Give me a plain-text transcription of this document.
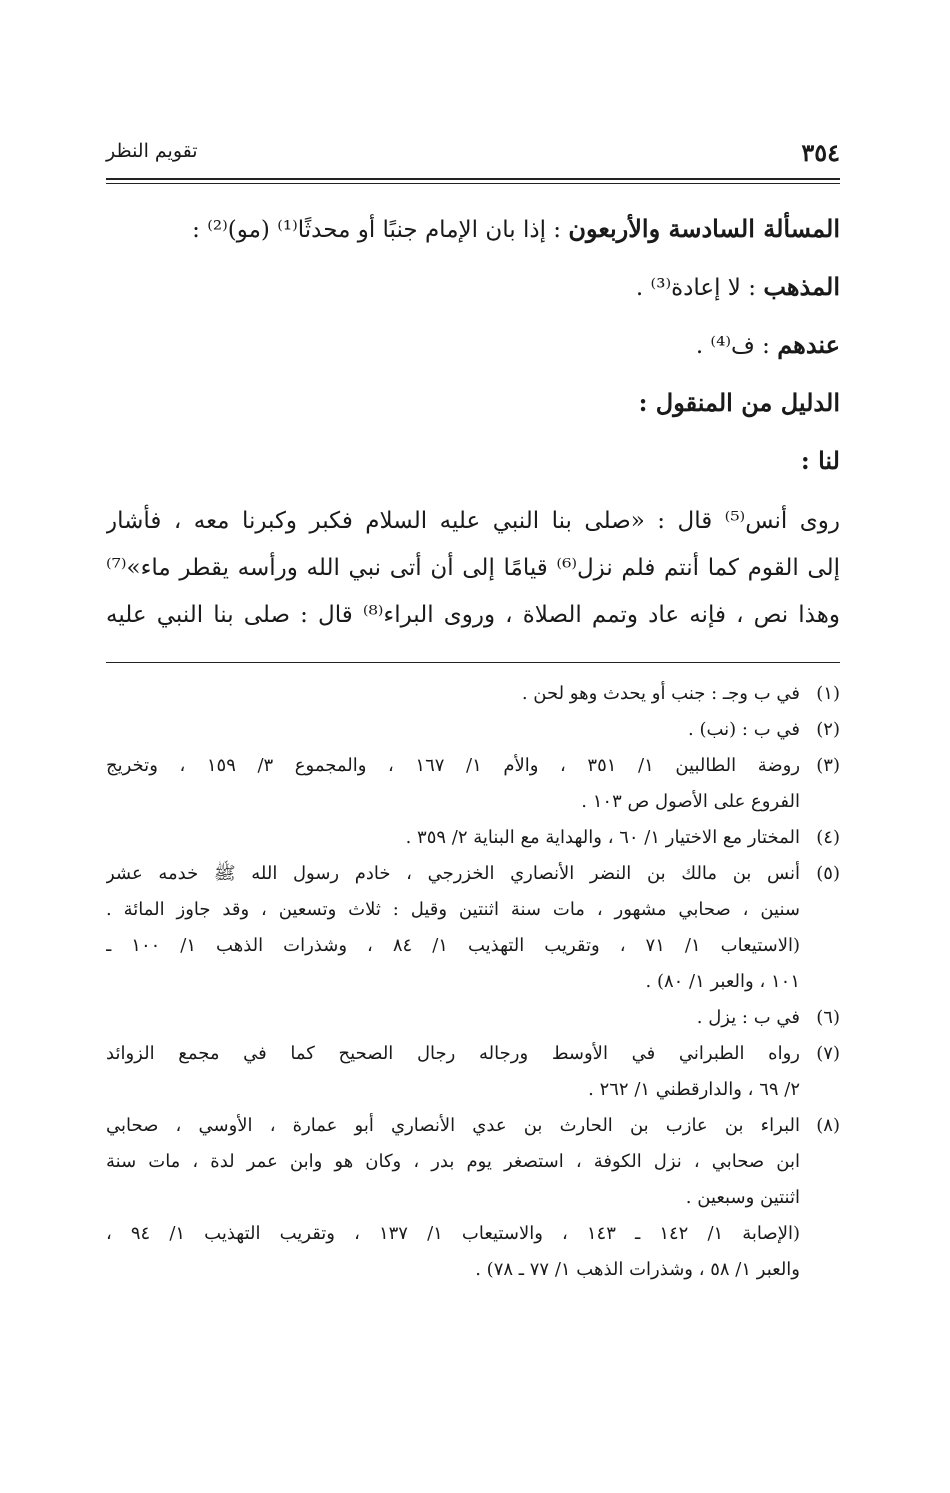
تقويم النظر	٣٥٤
المسألة السادسة والأربعون : إذا بان الإمام جنبًا أو محدثًا⁽¹⁾ (مو)⁽²⁾ :
المذهب : لا إعادة⁽³⁾ .
عندهم : ف⁽⁴⁾ .
الدليل من المنقول :
لنا :
روى أنس⁽⁵⁾ قال : «صلى بنا النبي عليه السلام فكبر وكبرنا معه ، فأشار
إلى القوم كما أنتم فلم نزل⁽⁶⁾ قيامًا إلى أن أتى نبي الله ورأسه يقطر ماء»⁽⁷⁾
وهذا نص ، فإنه عاد وتمم الصلاة ، وروى البراء⁽⁸⁾ قال : صلى بنا النبي عليه
(١)
في ب وجـ : جنب أو يحدث وهو لحن .
(٢)
في ب : (نب) .
(٣)
روضة الطالبين ١/ ٣٥١ ، والأم ١/ ١٦٧ ، والمجموع ٣/ ١٥٩ ، وتخريج
الفروع على الأصول ص ١٠٣ .
(٤)
المختار مع الاختيار ١/ ٦٠ ، والهداية مع البناية ٢/ ٣٥٩ .
(٥)
أنس بن مالك بن النضر الأنصاري الخزرجي ، خادم رسول الله ﷺ خدمه عشر
سنين ، صحابي مشهور ، مات سنة اثنتين وقيل : ثلاث وتسعين ، وقد جاوز المائة .
(الاستيعاب ١/ ٧١ ، وتقريب التهذيب ١/ ٨٤ ، وشذرات الذهب ١/ ١٠٠ ـ
١٠١ ، والعبر ١/ ٨٠) .
(٦)
في ب : يزل .
(٧)
رواه الطبراني في الأوسط ورجاله رجال الصحيح كما في مجمع الزوائد
٢/ ٦٩ ، والدارقطني ١/ ٢٦٢ .
(٨)
البراء بن عازب بن الحارث بن عدي الأنصاري أبو عمارة ، الأوسي ، صحابي
ابن صحابي ، نزل الكوفة ، استصغر يوم بدر ، وكان هو وابن عمر لدة ، مات سنة
اثنتين وسبعين .
(الإصابة ١/ ١٤٢ ـ ١٤٣ ، والاستيعاب ١/ ١٣٧ ، وتقريب التهذيب ١/ ٩٤ ،
والعبر ١/ ٥٨ ، وشذرات الذهب ١/ ٧٧ ـ ٧٨) .
